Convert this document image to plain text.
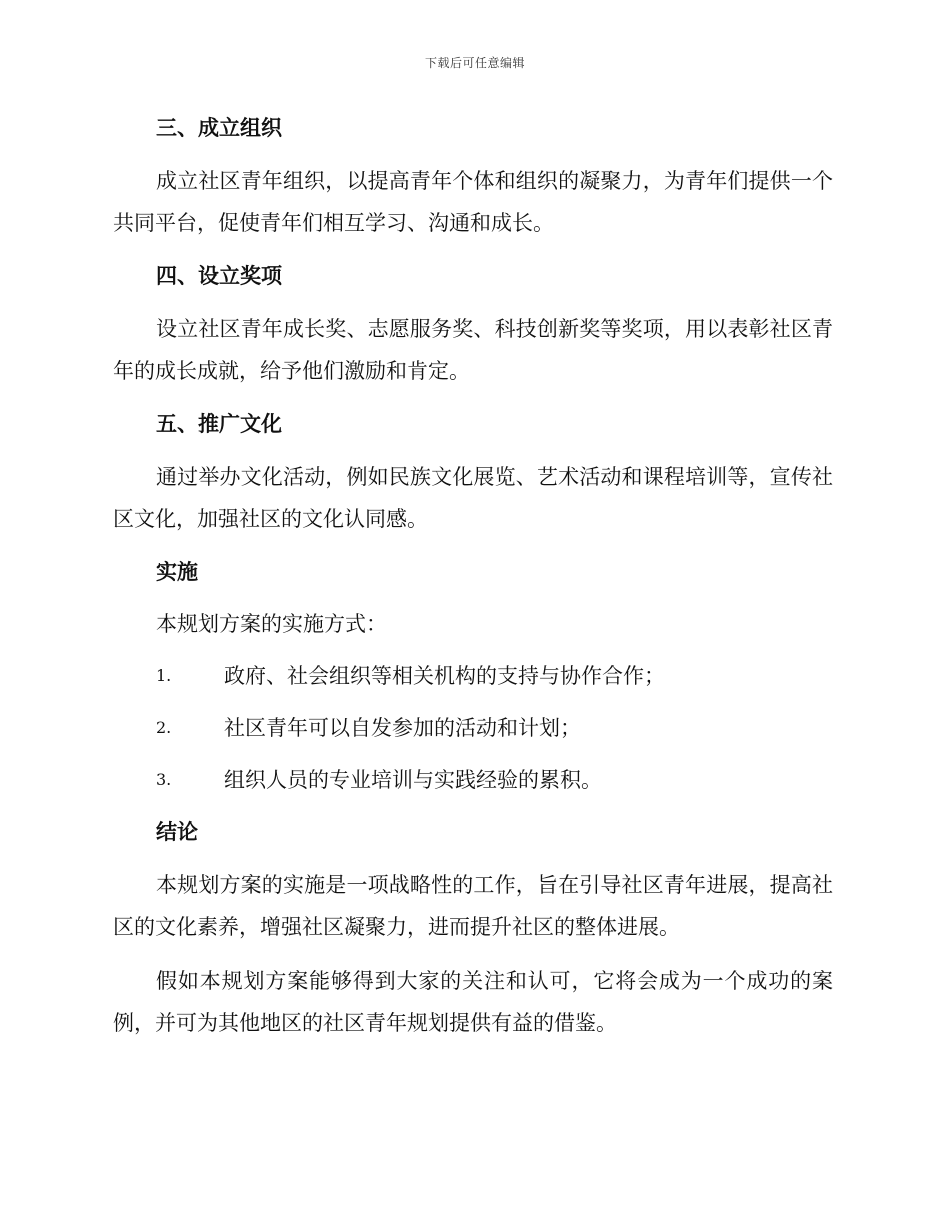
下载后可任意编辑
三、成立组织

成立社区青年组织，以提高青年个体和组织的凝聚力，为青年们提供一个共同平台，促使青年们相互学习、沟通和成长。

四、设立奖项

设立社区青年成长奖、志愿服务奖、科技创新奖等奖项，用以表彰社区青年的成长成就，给予他们激励和肯定。

五、推广文化

通过举办文化活动，例如民族文化展览、艺术活动和课程培训等，宣传社区文化，加强社区的文化认同感。

实施
本规划方案的实施方式：
1.	政府、社会组织等相关机构的支持与协作合作；
2.	社区青年可以自发参加的活动和计划；
3.	组织人员的专业培训与实践经验的累积。
结论

本规划方案的实施是一项战略性的工作，旨在引导社区青年进展，提高社区的文化素养，增强社区凝聚力，进而提升社区的整体进展。

假如本规划方案能够得到大家的关注和认可，它将会成为一个成功的案例，并可为其他地区的社区青年规划提供有益的借鉴。
